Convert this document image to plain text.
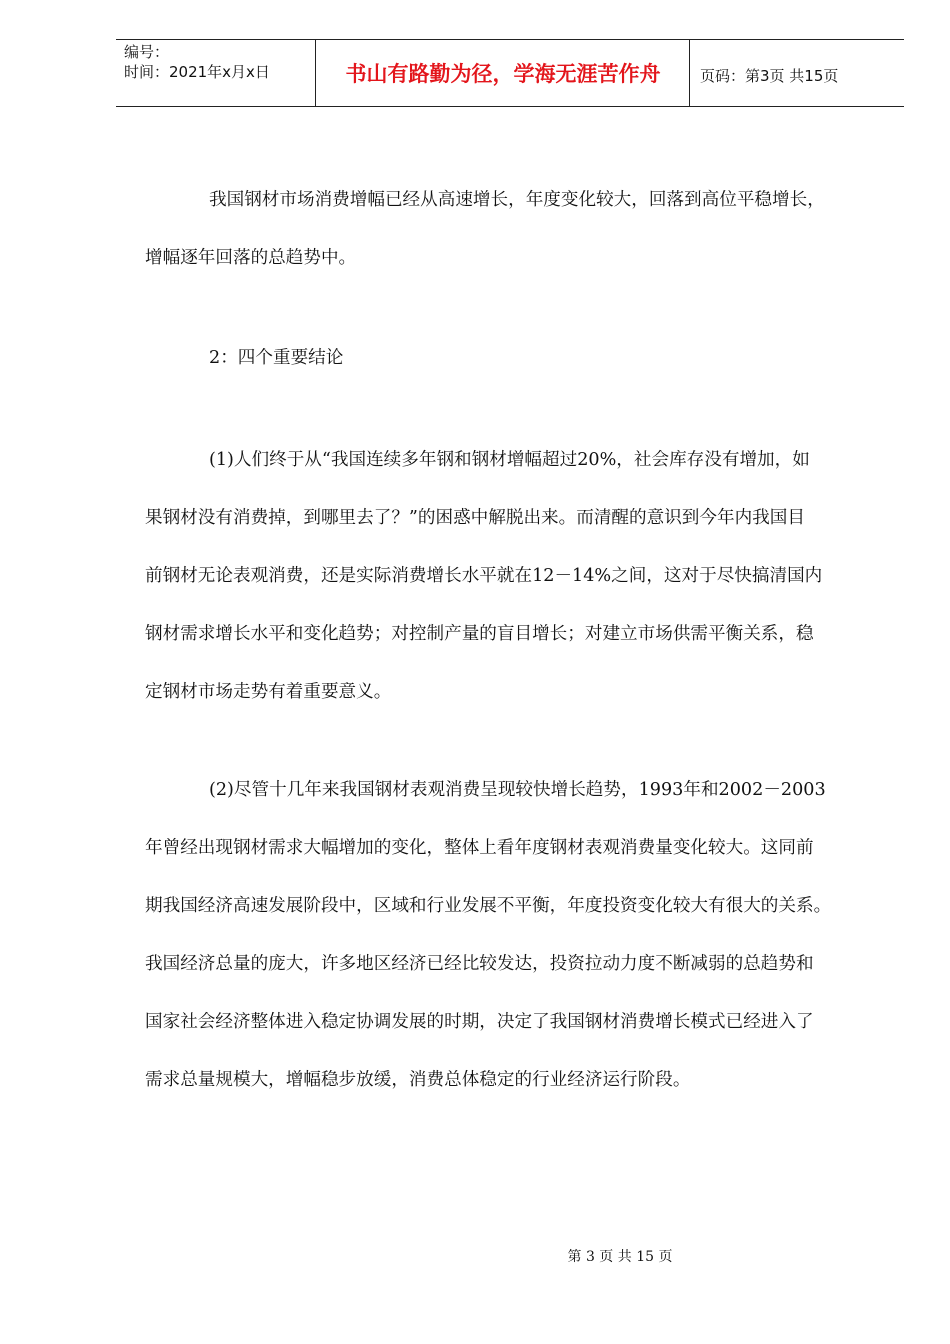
编号：
时间：2021年x月x日	书山有路勤为径，学海无涯苦作舟	页码：第3页 共15页
我国钢材市场消费增幅已经从高速增长，年度变化较大，回落到高位平稳增长，
增幅逐年回落的总趋势中。
2：四个重要结论
(1)人们终于从“我国连续多年钢和钢材增幅超过20%，社会库存没有增加，如
果钢材没有消费掉，到哪里去了？”的困惑中解脱出来。而清醒的意识到今年内我国目
前钢材无论表观消费，还是实际消费增长水平就在12－14%之间，这对于尽快搞清国内
钢材需求增长水平和变化趋势；对控制产量的盲目增长；对建立市场供需平衡关系，稳
定钢材市场走势有着重要意义。
(2)尽管十几年来我国钢材表观消费呈现较快增长趋势，1993年和2002－2003
年曾经出现钢材需求大幅增加的变化，整体上看年度钢材表观消费量变化较大。这同前
期我国经济高速发展阶段中，区域和行业发展不平衡，年度投资变化较大有很大的关系。
我国经济总量的庞大，许多地区经济已经比较发达，投资拉动力度不断减弱的总趋势和
国家社会经济整体进入稳定协调发展的时期，决定了我国钢材消费增长模式已经进入了
需求总量规模大，增幅稳步放缓，消费总体稳定的行业经济运行阶段。
第 3 页 共 15 页
